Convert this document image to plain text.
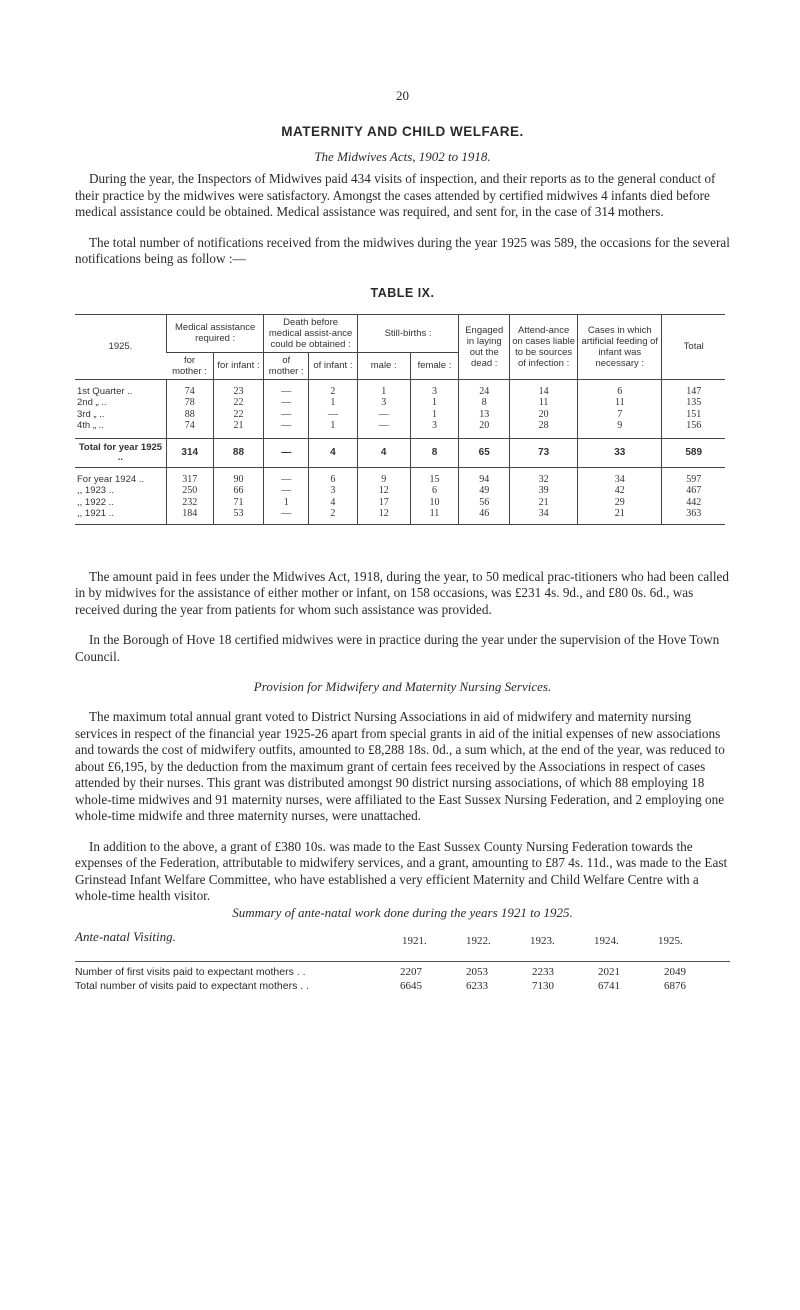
20
MATERNITY AND CHILD WELFARE.
The Midwives Acts, 1902 to 1918.

During the year, the Inspectors of Midwives paid 434 visits of inspection, and their reports as to the general conduct of their practice by the midwives were satisfactory. Amongst the cases attended by certified midwives 4 infants died before medical assistance could be obtained. Medical assistance was required, and sent for, in the case of 314 mothers.

The total number of notifications received from the midwives during the year 1925 was 589, the occasions for the several notifications being as follow :—

TABLE IX.
1925.	Medical assistance required :		Death before medical assist-ance could be obtained :		Still-births :		Engaged in laying out the dead :	Attend-ance on cases liable to be sources of infection :	Cases in which artificial feeding of infant was necessary :	Total
	for mother :	for infant :	of mother :	of infant :	male :	female :				
1st Quarter ..	74	23	—	2	1	3	24	14	6	147
2nd „ ..	78	22	—	1	3	1	8	11	11	135
3rd „ ..	88	22	—	—	—	1	13	20	7	151
4th „ ..	74	21	—	1	—	3	20	28	9	156
Total for year 1925 ..	314	88	—	4	4	8	65	73	33	589
For year 1924 ..	317	90	—	6	9	15	94	32	34	597
,, 1923 ..	250	66	—	3	12	6	49	39	42	467
,, 1922 ..	232	71	1	4	17	10	56	21	29	442
,, 1921 ..	184	53	—	2	12	11	46	34	21	363

The amount paid in fees under the Midwives Act, 1918, during the year, to 50 medical prac-titioners who had been called in by midwives for the assistance of either mother or infant, on 158 occasions, was £231 4s. 9d., and £80 0s. 6d., was received during the year from patients for whom such assistance was provided.

In the Borough of Hove 18 certified midwives were in practice during the year under the supervision of the Hove Town Council.

Provision for Midwifery and Maternity Nursing Services.

The maximum total annual grant voted to District Nursing Associations in aid of midwifery and maternity nursing services in respect of the financial year 1925-26 apart from special grants in aid of the initial expenses of new associations and towards the cost of midwifery outfits, amounted to £8,288 18s. 0d., a sum which, at the end of the year, was reduced to about £6,195, by the deduction from the maximum grant of certain fees received by the Associations in respect of cases attended by their nurses. This grant was distributed amongst 90 district nursing associations, of which 88 employing 18 whole-time midwives and 91 maternity nurses, were affiliated to the East Sussex Nursing Federation, and 2 employing one whole-time midwife and three maternity nurses, were unattached.

In addition to the above, a grant of £380 10s. was made to the East Sussex County Nursing Federation towards the expenses of the Federation, attributable to midwifery services, and a grant, amounting to £87 4s. 11d., was made to the East Grinstead Infant Welfare Committee, who have established a very efficient Maternity and Child Welfare Centre with a whole-time health visitor.

Summary of ante-natal work done during the years 1921 to 1925.
Ante-natal Visiting.	1921.	1922.	1923.	1924.	1925.
Number of first visits paid to expectant mothers . .	2207	2053	2233	2021	2049
Total number of visits paid to expectant mothers . .	6645	6233	7130	6741	6876
